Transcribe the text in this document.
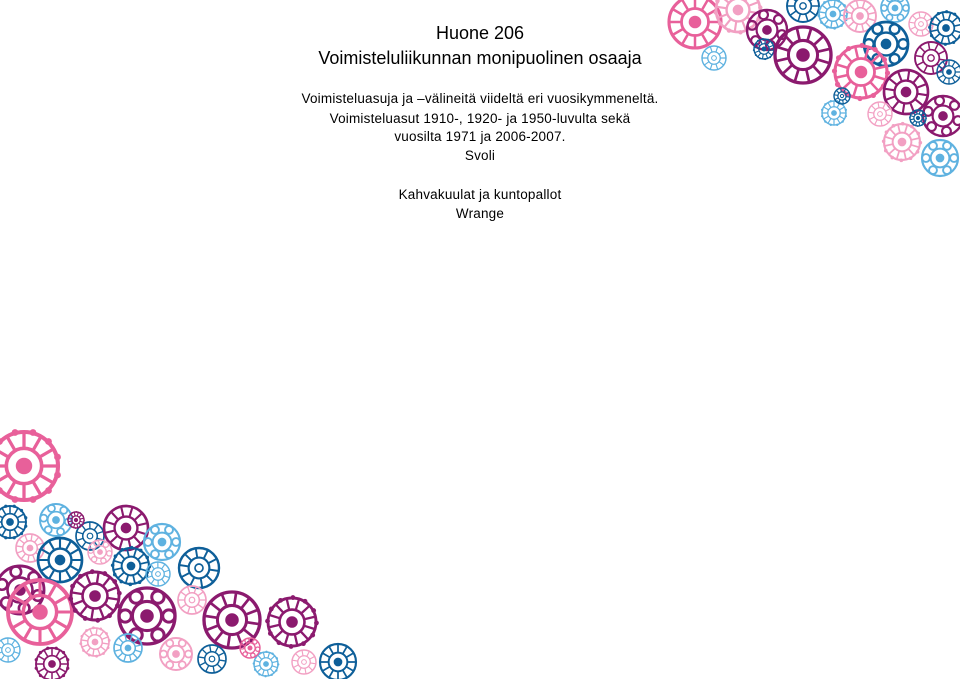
Huone 206
Voimisteluliikunnan monipuolinen osaaja
Voimisteluasuja ja –välineitä viideltä eri vuosikymmeneltä.
Voimisteluasut 1910-, 1920- ja 1950-luvulta sekä
vuosilta 1971 ja 2006-2007.
Svoli
Kahvakuulat ja kuntopallot
Wrange
